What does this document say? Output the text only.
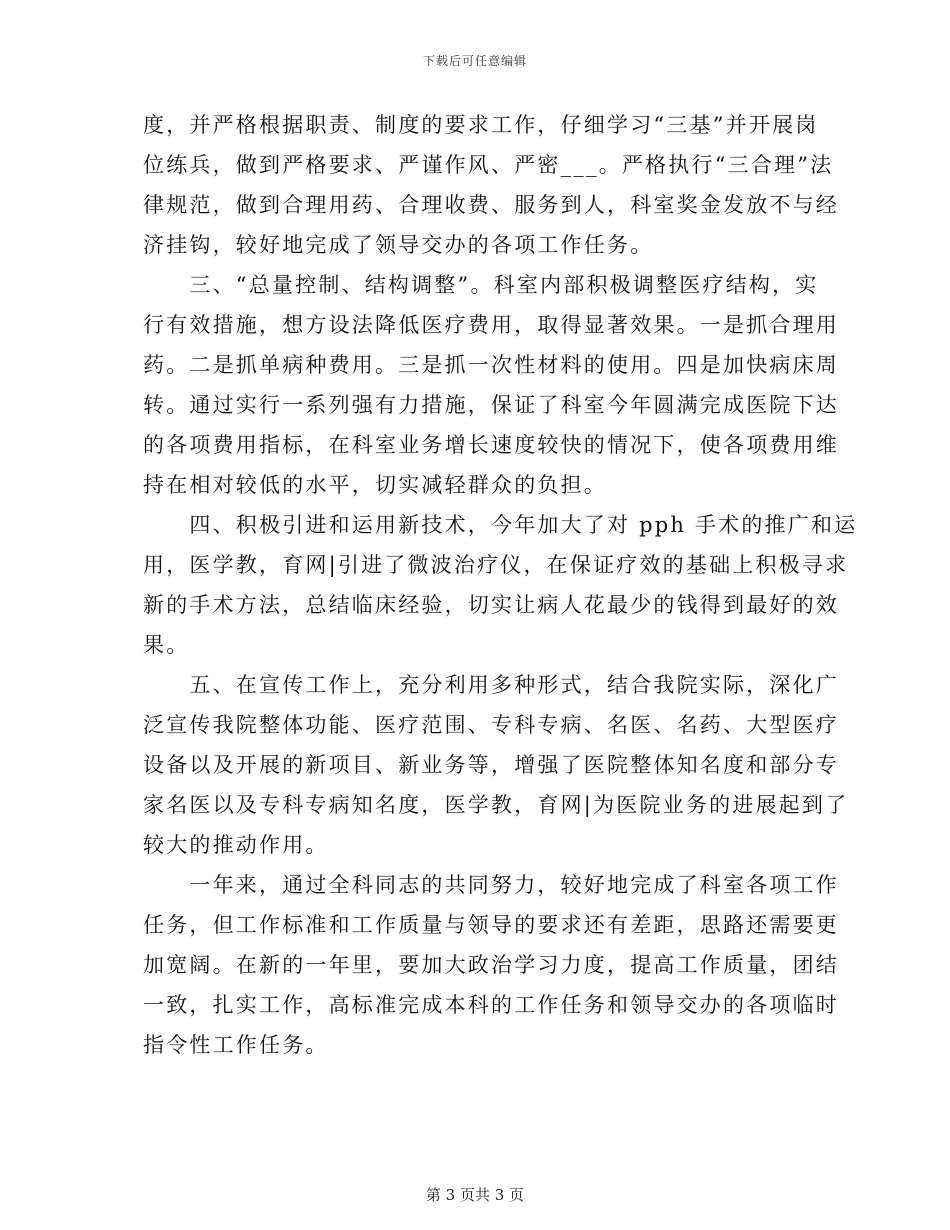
下载后可任意编辑
度，并严格根据职责、制度的要求工作，仔细学习“三基”并开展岗
位练兵，做到严格要求、严谨作风、严密___。严格执行“三合理”法
律规范，做到合理用药、合理收费、服务到人，科室奖金发放不与经
济挂钩，较好地完成了领导交办的各项工作任务。
　　三、“总量控制、结构调整”。科室内部积极调整医疗结构，实
行有效措施，想方设法降低医疗费用，取得显著效果。一是抓合理用
药。二是抓单病种费用。三是抓一次性材料的使用。四是加快病床周
转。通过实行一系列强有力措施，保证了科室今年圆满完成医院下达
的各项费用指标，在科室业务增长速度较快的情况下，使各项费用维
持在相对较低的水平，切实减轻群众的负担。
　　四、积极引进和运用新技术，今年加大了对 pph 手术的推广和运
用，医学教，育网|引进了微波治疗仪，在保证疗效的基础上积极寻求
新的手术方法，总结临床经验，切实让病人花最少的钱得到最好的效
果。
　　五、在宣传工作上，充分利用多种形式，结合我院实际，深化广
泛宣传我院整体功能、医疗范围、专科专病、名医、名药、大型医疗
设备以及开展的新项目、新业务等，增强了医院整体知名度和部分专
家名医以及专科专病知名度，医学教，育网|为医院业务的进展起到了
较大的推动作用。
　　一年来，通过全科同志的共同努力，较好地完成了科室各项工作
任务，但工作标准和工作质量与领导的要求还有差距，思路还需要更
加宽阔。在新的一年里，要加大政治学习力度，提高工作质量，团结
一致，扎实工作，高标准完成本科的工作任务和领导交办的各项临时
指令性工作任务。
第 3 页共 3 页
